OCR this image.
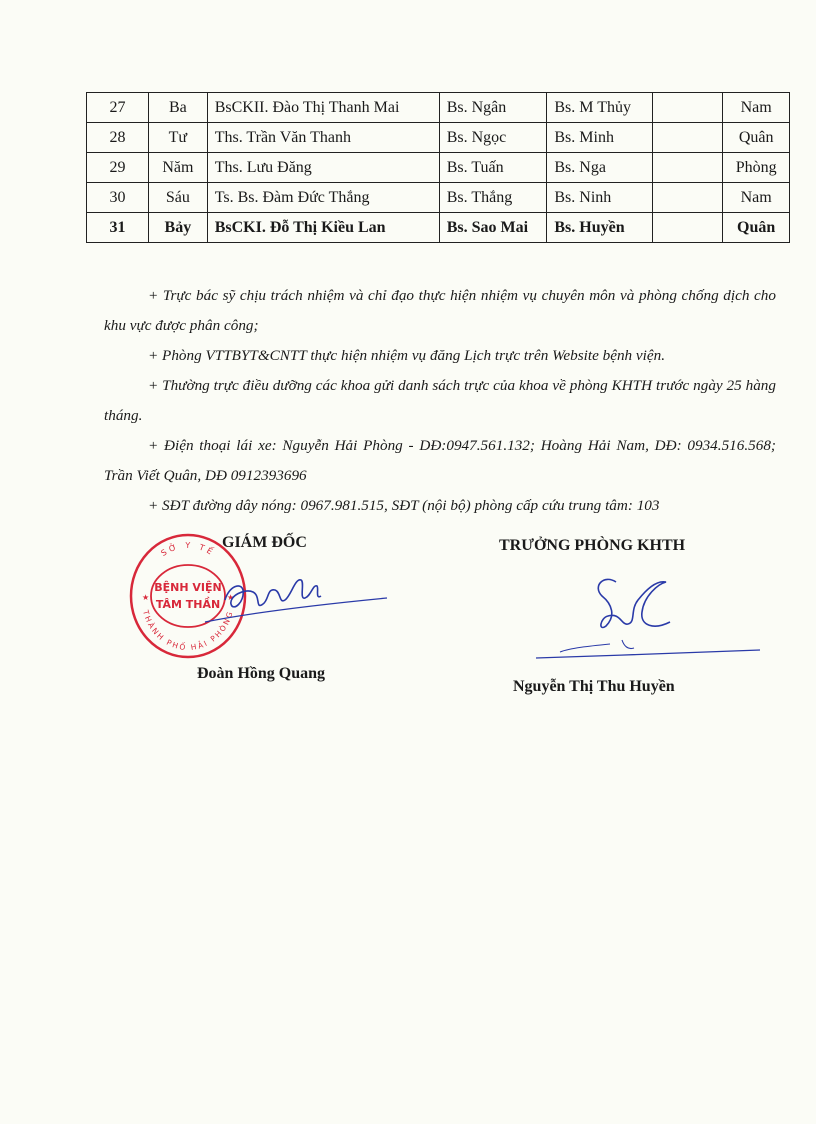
27	Ba	BsCKII. Đào Thị Thanh Mai	Bs. Ngân	Bs. M Thủy		Nam
28	Tư	Ths. Trần Văn Thanh	Bs. Ngọc	Bs. Minh		Quân
29	Năm	Ths. Lưu Đăng	Bs. Tuấn	Bs. Nga		Phòng
30	Sáu	Ts. Bs. Đàm Đức Thắng	Bs. Thắng	Bs. Ninh		Nam
31	Bảy	BsCKI. Đỗ Thị Kiều Lan	Bs. Sao Mai	Bs. Huyền		Quân

+ Trực bác sỹ chịu trách nhiệm và chỉ đạo thực hiện nhiệm vụ chuyên môn và phòng chống dịch cho khu vực được phân công;

+ Phòng VTTBYT&CNTT thực hiện nhiệm vụ đăng Lịch trực trên Website bệnh viện.

+ Thường trực điều dưỡng các khoa gửi danh sách trực của khoa về phòng KHTH trước ngày 25 hàng tháng.

+ Điện thoại lái xe: Nguyễn Hải Phòng - DĐ:0947.561.132; Hoàng Hải Nam, DĐ: 0934.516.568; Trần Viết Quân, DĐ 0912393696

+ SĐT đường dây nóng: 0967.981.515, SĐT (nội bộ) phòng cấp cứu trung tâm: 103

SỞ Y TẾ
THÀNH PHỐ HẢI PHÒNG
BỆNH VIỆN
TÂM THẦN
★	★
GIÁM ĐỐC
Đoàn Hồng Quang
TRƯỞNG PHÒNG KHTH
Nguyễn Thị Thu Huyền
